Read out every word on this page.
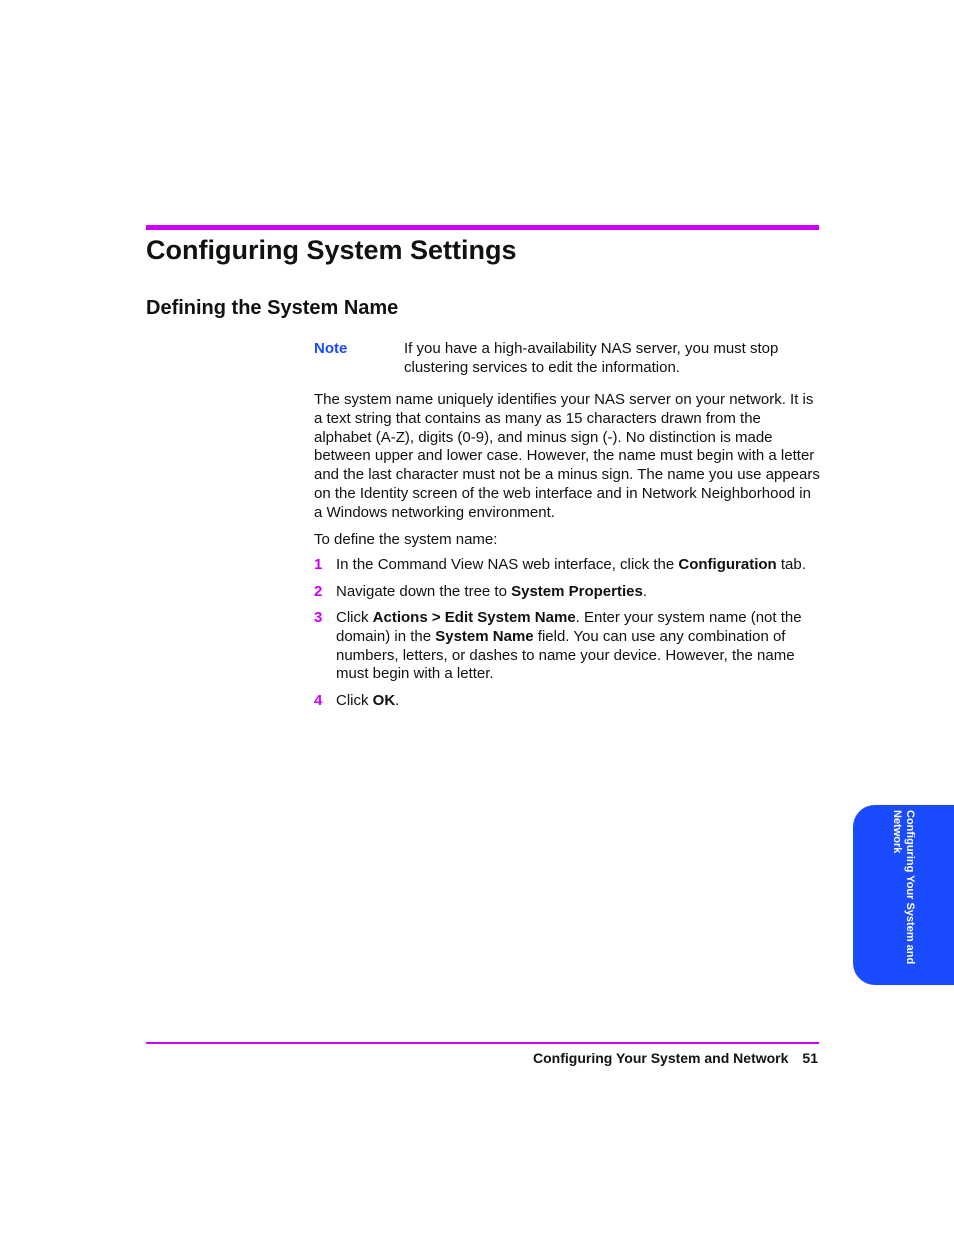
Configuring System Settings
Defining the System Name
Note	If you have a high-availability NAS server, you must stop clustering services to edit the information.

The system name uniquely identifies your NAS server on your network. It is a text string that contains as many as 15 characters drawn from the alphabet (A-Z), digits (0-9), and minus sign (-). No distinction is made between upper and lower case. However, the name must begin with a letter and the last character must not be a minus sign. The name you use appears on the Identity screen of the web interface and in Network Neighborhood in a Windows networking environment.

To define the system name:

1 In the Command View NAS web interface, click the Configuration tab.
2 Navigate down the tree to System Properties.
3 Click Actions > Edit System Name. Enter your system name (not the domain) in the System Name field. You can use any combination of numbers, letters, or dashes to name your device. However, the name must begin with a letter.
4 Click OK.
Configuring Your System and Network
Configuring Your System and Network 51
